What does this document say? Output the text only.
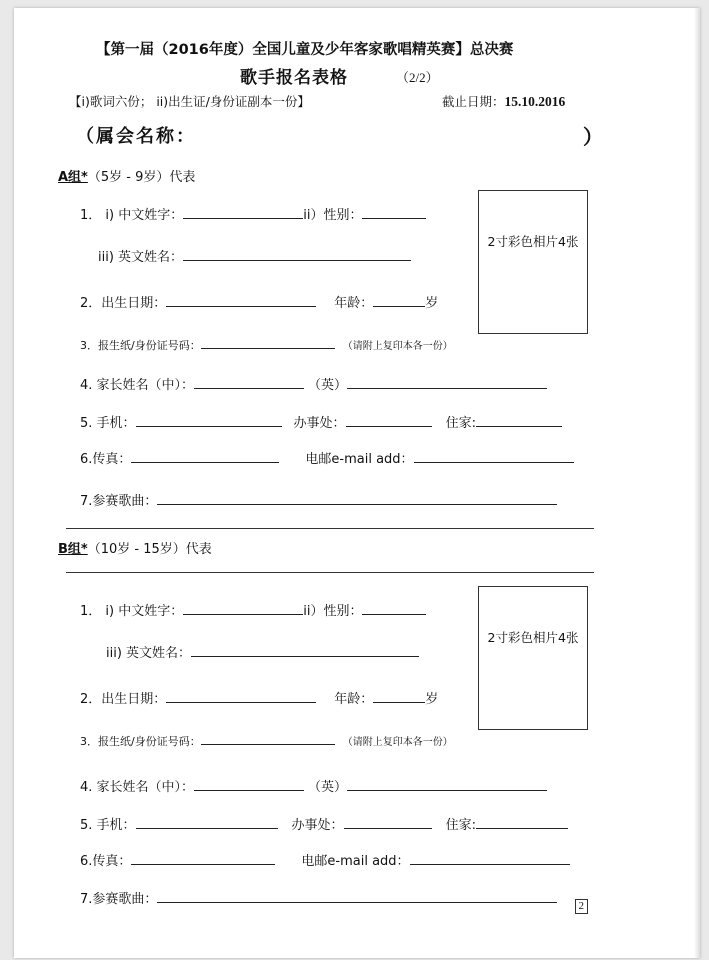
【第一届（2016年度）全国儿童及少年客家歌唱精英赛】总决赛
歌手报名表格	（2/2）
【i)歌词六份； ii)出生证/身份证副本一份】	截止日期：15.10.2016
（属会名称：	）
A组*（5岁 - 9岁）代表
1． i) 中文姓字：	ii）性别：
iii) 英文姓名：
2．出生日期：	年龄：	岁
3．报生纸/身份证号码：	（请附上复印本各一份）
2寸彩色相片4张
4. 家长姓名（中）：	（英）
5. 手机：	办事处：	住家:
6.传真：	电邮e-mail add：
7.参赛歌曲：
B组*（10岁 - 15岁）代表
1． i) 中文姓字：	ii）性别：
iii) 英文姓名：
2．出生日期：	年龄：	岁
3．报生纸/身份证号码：	（请附上复印本各一份）
2寸彩色相片4张
4. 家长姓名（中）：	（英）
5. 手机：	办事处：	住家:
6.传真：	电邮e-mail add：
7.参赛歌曲：	2
